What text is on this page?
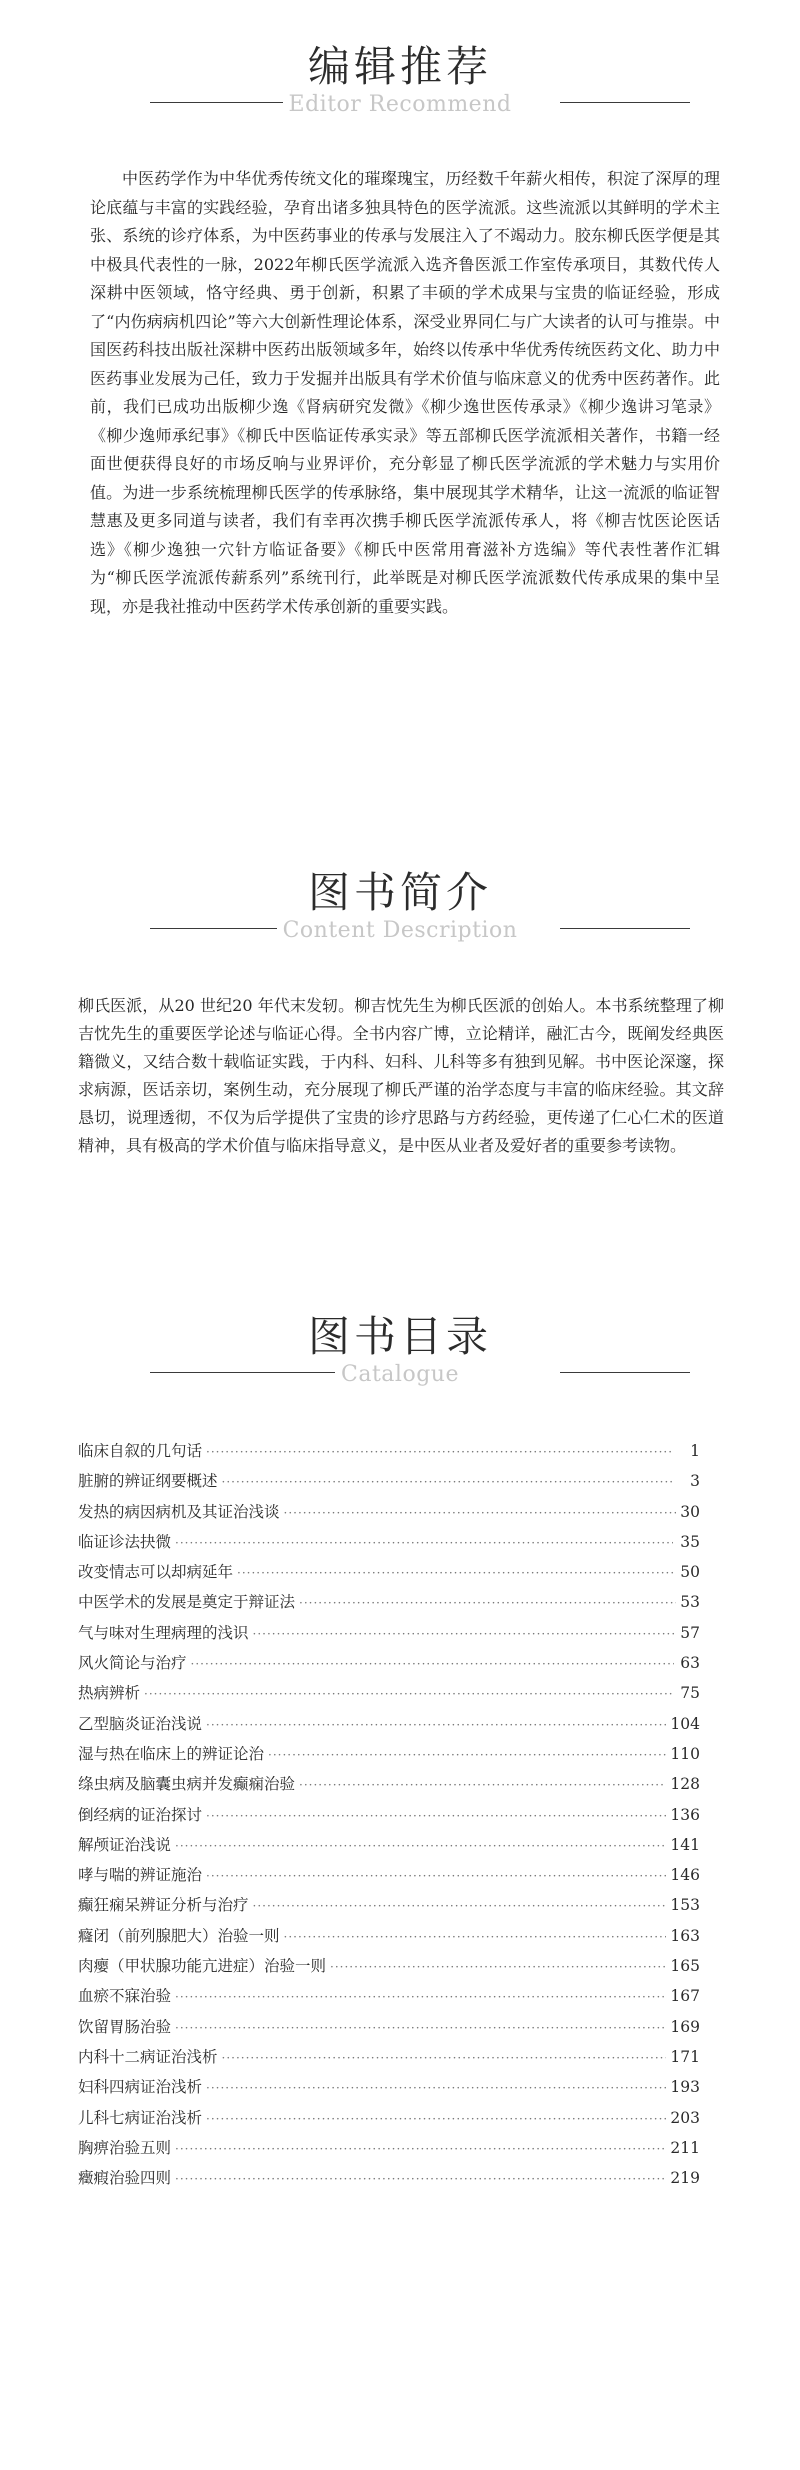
编辑推荐
Editor Recommend
中医药学作为中华优秀传统文化的璀璨瑰宝，历经数千年薪火相传，积淀了深厚的理论底蕴与丰富的实践经验，孕育出诸多独具特色的医学流派。这些流派以其鲜明的学术主张、系统的诊疗体系，为中医药事业的传承与发展注入了不竭动力。胶东柳氏医学便是其中极具代表性的一脉，2022年柳氏医学流派入选齐鲁医派工作室传承项目，其数代传人深耕中医领域，恪守经典、勇于创新，积累了丰硕的学术成果与宝贵的临证经验，形成了“内伤病病机四论”等六大创新性理论体系，深受业界同仁与广大读者的认可与推崇。中国医药科技出版社深耕中医药出版领域多年，始终以传承中华优秀传统医药文化、助力中医药事业发展为己任，致力于发掘并出版具有学术价值与临床意义的优秀中医药著作。此前，我们已成功出版柳少逸《肾病研究发微》《柳少逸世医传承录》《柳少逸讲习笔录》《柳少逸师承纪事》《柳氏中医临证传承实录》等五部柳氏医学流派相关著作，书籍一经面世便获得良好的市场反响与业界评价，充分彰显了柳氏医学流派的学术魅力与实用价值。为进一步系统梳理柳氏医学的传承脉络，集中展现其学术精华，让这一流派的临证智慧惠及更多同道与读者，我们有幸再次携手柳氏医学流派传承人，将《柳吉忱医论医话选》《柳少逸独一穴针方临证备要》《柳氏中医常用膏滋补方选编》等代表性著作汇辑为“柳氏医学流派传薪系列”系统刊行，此举既是对柳氏医学流派数代传承成果的集中呈现，亦是我社推动中医药学术传承创新的重要实践。
图书简介
Content Description
柳氏医派，从20 世纪20 年代末发轫。柳吉忱先生为柳氏医派的创始人。本书系统整理了柳吉忱先生的重要医学论述与临证心得。全书内容广博，立论精详，融汇古今，既阐发经典医籍微义，又结合数十载临证实践，于内科、妇科、儿科等多有独到见解。书中医论深邃，探求病源，医话亲切，案例生动，充分展现了柳氏严谨的治学态度与丰富的临床经验。其文辞恳切，说理透彻，不仅为后学提供了宝贵的诊疗思路与方药经验，更传递了仁心仁术的医道精神，具有极高的学术价值与临床指导意义，是中医从业者及爱好者的重要参考读物。
图书目录
Catalogue
临床自叙的几句话 ·····	1
脏腑的辨证纲要概述 ·····	3
发热的病因病机及其证治浅谈 ·····	30
临证诊法抉微 ·····	35
改变情志可以却病延年 ·····	50
中医学术的发展是奠定于辩证法 ·····	53
气与味对生理病理的浅识 ·····	57
风火简论与治疗 ·····	63
热病辨析 ·····	75
乙型脑炎证治浅说 ·····	104
湿与热在临床上的辨证论治 ·····	110
绦虫病及脑囊虫病并发癫痫治验 ·····	128
倒经病的证治探讨 ·····	136
解颅证治浅说 ·····	141
哮与喘的辨证施治 ·····	146
癫狂痫呆辨证分析与治疗 ·····	153
癃闭（前列腺肥大）治验一则 ·····	163
肉瘿（甲状腺功能亢进症）治验一则 ·····	165
血瘀不寐治验 ·····	167
饮留胃肠治验 ·····	169
内科十二病证治浅析 ·····	171
妇科四病证治浅析 ·····	193
儿科七病证治浅析 ·····	203
胸痹治验五则 ·····	211
癥瘕治验四则 ·····	219
